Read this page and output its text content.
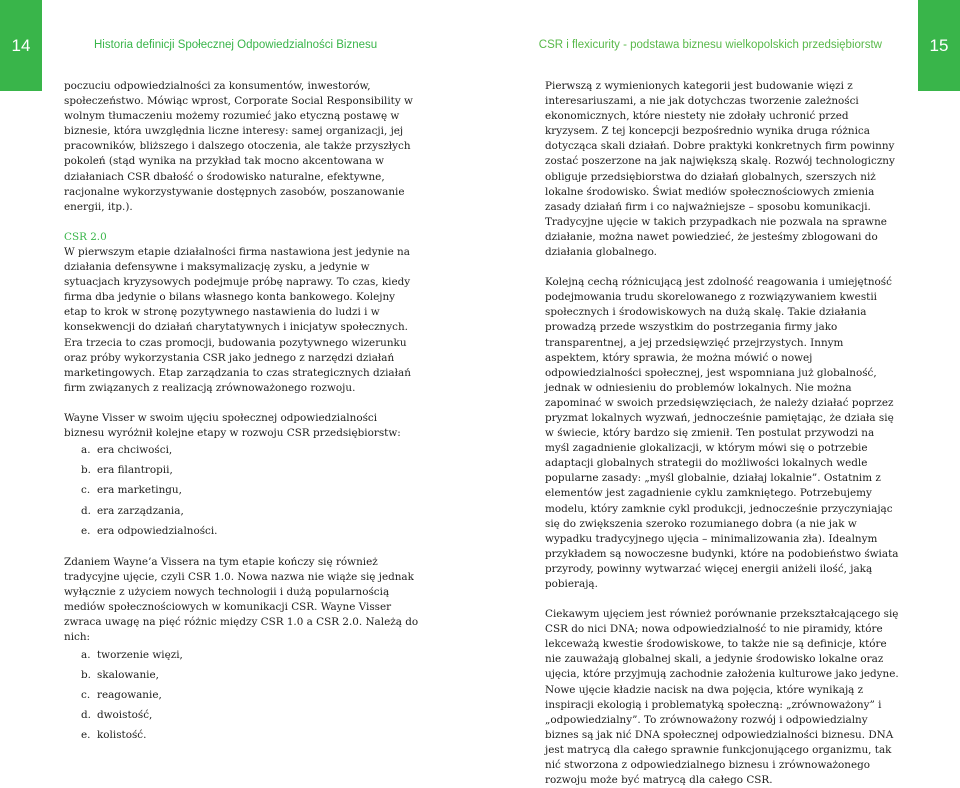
14	Historia definicji Społecznej Odpowiedzialności Biznesu	CSR i flexicurity - podstawa biznesu wielkopolskich przedsiębiorstw	15

poczuciu odpowiedzialności za konsumentów, inwestorów, społeczeństwo. Mówiąc wprost, Corporate Social Responsibility w wolnym tłumaczeniu możemy rozumieć jako etyczną postawę w biznesie, która uwzględnia liczne interesy: samej organizacji, jej pracowników, bliższego i dalszego otoczenia, ale także przyszłych pokoleń (stąd wynika na przykład tak mocno akcentowana w działaniach CSR dbałość o środowisko naturalne, efektywne, racjonalne wykorzystywanie dostępnych zasobów, poszanowanie energii, itp.).

CSR 2.0

W pierwszym etapie działalności firma nastawiona jest jedynie na działania defensywne i maksymalizację zysku, a jedynie w sytuacjach kryzysowych podejmuje próbę naprawy. To czas, kiedy firma dba jedynie o bilans własnego konta bankowego. Kolejny etap to krok w stronę pozytywnego nastawienia do ludzi i w konsekwencji do działań charytatywnych i inicjatyw społecznych. Era trzecia to czas promocji, budowania pozytywnego wizerunku oraz próby wykorzystania CSR jako jednego z narzędzi działań marketingowych. Etap zarządzania to czas strategicznych działań firm związanych z realizacją zrównoważonego rozwoju.

Wayne Visser w swoim ujęciu społecznej odpowiedzialności biznesu wyróżnił kolejne etapy w rozwoju CSR przedsiębiorstw:

a. era chciwości,
b. era filantropii,
c. era marketingu,
d. era zarządzania,
e. era odpowiedzialności.

Zdaniem Wayne’a Vissera na tym etapie kończy się również tradycyjne ujęcie, czyli CSR 1.0. Nowa nazwa nie wiąże się jednak wyłącznie z użyciem nowych technologii i dużą popularnością mediów społecznościowych w komunikacji CSR. Wayne Visser zwraca uwagę na pięć różnic między CSR 1.0 a CSR 2.0. Należą do nich:

a. tworzenie więzi,
b. skalowanie,
c. reagowanie,
d. dwoistość,
e. kolistość.

Pierwszą z wymienionych kategorii jest budowanie więzi z interesariuszami, a nie jak dotychczas tworzenie zależności ekonomicznych, które niestety nie zdołały uchronić przed kryzysem. Z tej koncepcji bezpośrednio wynika druga różnica dotycząca skali działań. Dobre praktyki konkretnych firm powinny zostać poszerzone na jak największą skalę. Rozwój technologiczny obliguje przedsiębiorstwa do działań globalnych, szerszych niż lokalne środowisko. Świat mediów społecznościowych zmienia zasady działań firm i co najważniejsze – sposobu komunikacji. Tradycyjne ujęcie w takich przypadkach nie pozwala na sprawne działanie, można nawet powiedzieć, że jesteśmy zblogowani do działania globalnego.

Kolejną cechą różnicującą jest zdolność reagowania i umiejętność podejmowania trudu skorelowanego z rozwiązywaniem kwestii społecznych i środowiskowych na dużą skalę. Takie działania prowadzą przede wszystkim do postrzegania firmy jako transparentnej, a jej przedsięwzięć przejrzystych. Innym aspektem, który sprawia, że można mówić o nowej odpowiedzialności społecznej, jest wspomniana już globalność, jednak w odniesieniu do problemów lokalnych. Nie można zapominać w swoich przedsięwzięciach, że należy działać poprzez pryzmat lokalnych wyzwań, jednocześnie pamiętając, że działa się w świecie, który bardzo się zmienił. Ten postulat przywodzi na myśl zagadnienie glokalizacji, w którym mówi się o potrzebie adaptacji globalnych strategii do możliwości lokalnych wedle popularne zasady: „myśl globalnie, działaj lokalnie”. Ostatnim z elementów jest zagadnienie cyklu zamkniętego. Potrzebujemy modelu, który zamknie cykl produkcji, jednocześnie przyczyniając się do zwiększenia szeroko rozumianego dobra (a nie jak w wypadku tradycyjnego ujęcia – minimalizowania zła). Idealnym przykładem są nowoczesne budynki, które na podobieństwo świata przyrody, powinny wytwarzać więcej energii aniżeli ilość, jaką pobierają.

Ciekawym ujęciem jest również porównanie przekształcającego się CSR do nici DNA; nowa odpowiedzialność to nie piramidy, które lekceważą kwestie środowiskowe, to także nie są definicje, które nie zauważają globalnej skali, a jedynie środowisko lokalne oraz ujęcia, które przyjmują zachodnie założenia kulturowe jako jedyne. Nowe ujęcie kładzie nacisk na dwa pojęcia, które wynikają z inspiracji ekologią i problematyką społeczną: „zrównoważony” i „odpowiedzialny”. To zrównoważony rozwój i odpowiedzialny biznes są jak nić DNA społecznej odpowiedzialności biznesu. DNA jest matrycą dla całego sprawnie funkcjonującego organizmu, tak nić stworzona z odpowiedzialnego biznesu i zrównoważonego rozwoju może być matrycą dla całego CSR.
